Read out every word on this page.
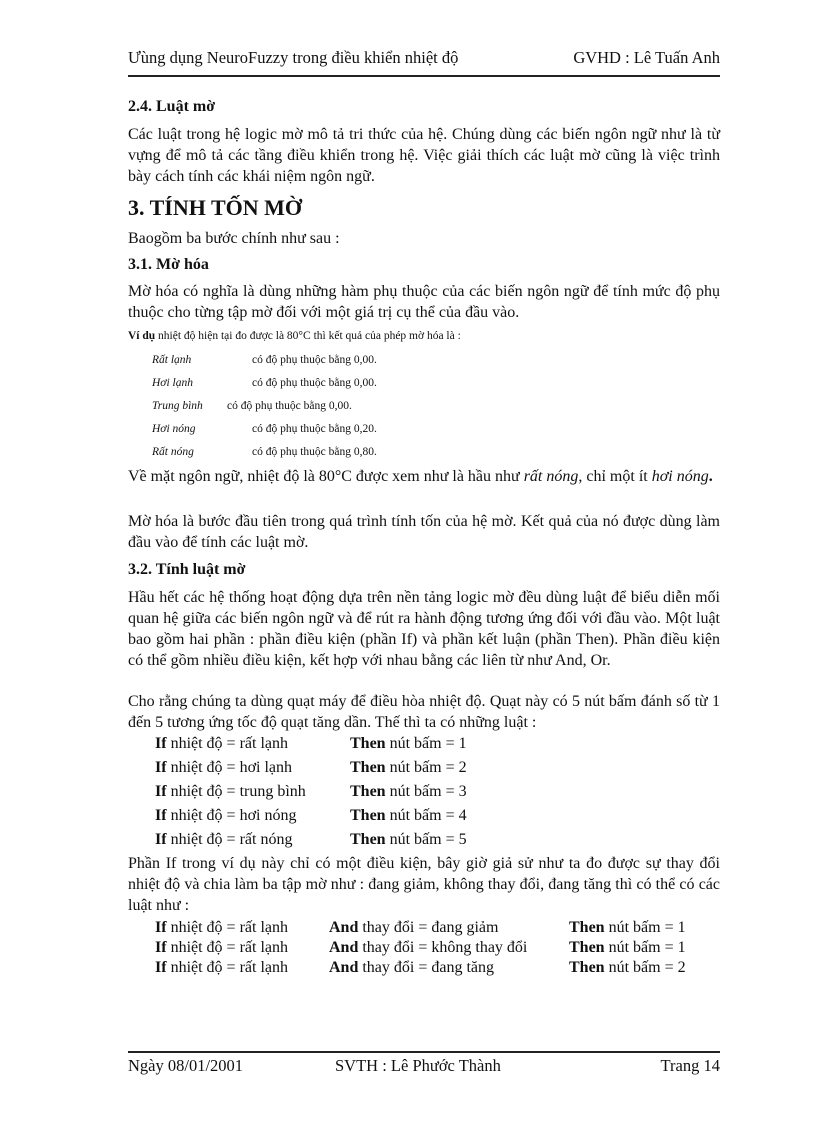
Ưùng dụng NeuroFuzzy trong điều khiển nhiệt độ	GVHD : Lê Tuấn Anh
2.4. Luật mờ
Các luật trong hệ logic mờ mô tả tri thức của hệ. Chúng dùng các biến ngôn ngữ như là từ vựng để mô tả các tầng điều khiển trong hệ. Việc giải thích các luật mờ cũng là việc trình bày cách tính các khái niệm ngôn ngữ.
3. TÍNH TỐN MỜ
Baogồm ba bước chính như sau :
3.1. Mờ hóa
Mờ hóa có nghĩa là dùng những hàm phụ thuộc của các biến ngôn ngữ để tính mức độ phụ thuộc cho từng tập mờ đối với một giá trị cụ thể của đầu vào.
Ví dụ nhiệt độ hiện tại đo được là 80°C thì kết quả của phép mờ hóa là :
Rất lạnh	có độ phụ thuộc bằng 0,00.
Hơi lạnh	có độ phụ thuộc bằng 0,00.
Trung bình có độ phụ thuộc bằng 0,00.
Hơi nóng	có độ phụ thuộc bằng 0,20.
Rất nóng	có độ phụ thuộc bằng 0,80.
Về mặt ngôn ngữ, nhiệt độ là 80°C được xem như là hầu như rất nóng, chỉ một ít hơi nóng.
Mờ hóa là bước đầu tiên trong quá trình tính tốn của hệ mờ. Kết quả của nó được dùng làm đầu vào để tính các luật mờ.
3.2. Tính luật mờ
Hầu hết các hệ thống hoạt động dựa trên nền tảng logic mờ đều dùng luật để biểu diễn mối quan hệ giữa các biến ngôn ngữ và để rút ra hành động tương ứng đối với đầu vào. Một luật bao gồm hai phần : phần điều kiện (phần If) và phần kết luận (phần Then). Phần điều kiện có thể gồm nhiều điều kiện, kết hợp với nhau bằng các liên từ như And, Or.
Cho rằng chúng ta dùng quạt máy để điều hòa nhiệt độ. Quạt này có 5 nút bấm đánh số từ 1 đến 5 tương ứng tốc độ quạt tăng dần. Thế thì ta có những luật :
If nhiệt độ = rất lạnh	Then nút bấm = 1
If nhiệt độ = hơi lạnh	Then nút bấm = 2
If nhiệt độ = trung bình	Then nút bấm = 3
If nhiệt độ = hơi nóng	Then nút bấm = 4
If nhiệt độ = rất nóng	Then nút bấm = 5
Phần If trong ví dụ này chỉ có một điều kiện, bây giờ giả sử như ta đo được sự thay đổi nhiệt độ và chia làm ba tập mờ như : đang giảm, không thay đổi, đang tăng thì có thể có các luật như :
If nhiệt độ = rất lạnh	And thay đổi = đang giảm	Then nút bấm = 1
If nhiệt độ = rất lạnh	And thay đổi = không thay đổi	Then nút bấm = 1
If nhiệt độ = rất lạnh	And thay đổi = đang tăng	Then nút bấm = 2
Ngày 08/01/2001	SVTH : Lê Phước Thành	Trang 14
